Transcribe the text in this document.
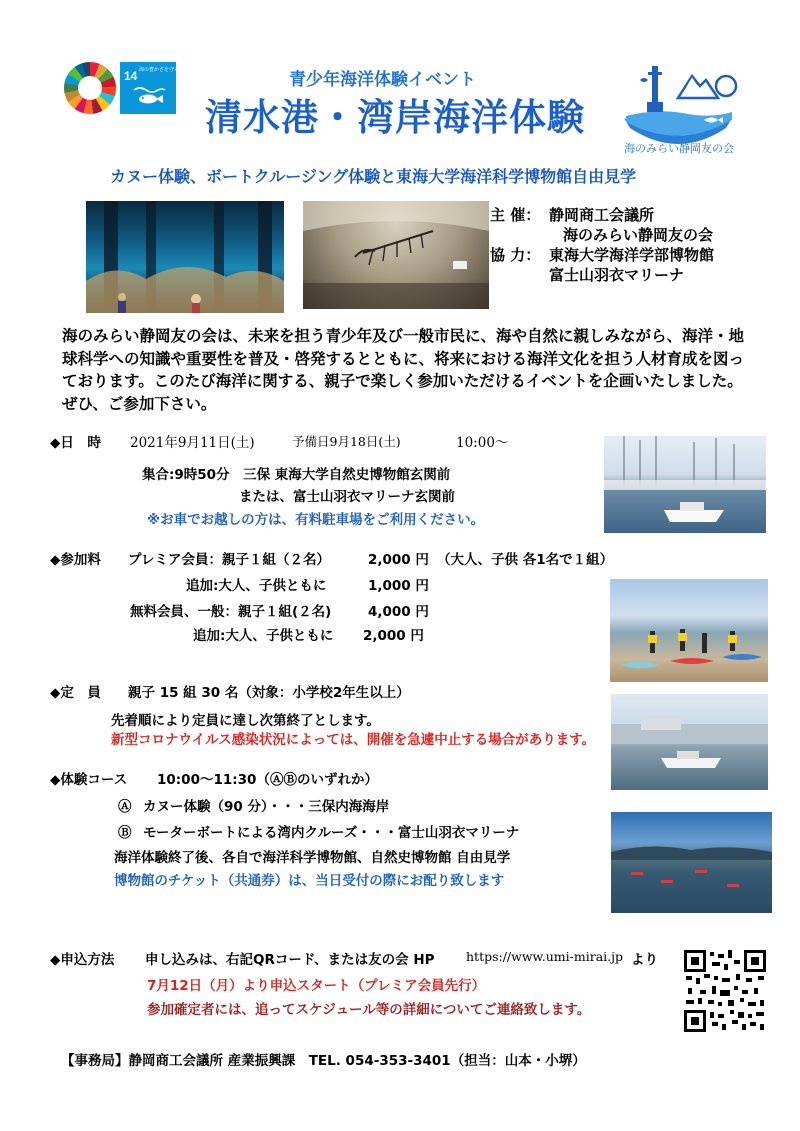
14 海の豊かさを守ろう	青少年海洋体験イベント
清水港・湾岸海洋体験
海のみらい静岡友の会
カヌー体験、ボートクルージング体験と東海大学海洋科学博物館自由見学
主 催： 静岡商工会議所
海のみらい静岡友の会
協 力： 東海大学海洋学部博物館
富士山羽衣マリーナ
海のみらい静岡友の会は、未来を担う青少年及び一般市民に、海や自然に親しみながら、海洋・地球科学への知識や重要性を普及・啓発するとともに、将来における海洋文化を担う人材育成を図っております。このたび海洋に関する、親子で楽しく参加いただけるイベントを企画いたしました。ぜひ、ご参加下さい。
◆日　時 2021年9月11日(土)	予備日9月18日(土)	10:00～
集合:9時50分　三保 東海大学自然史博物館玄関前
または、富士山羽衣マリーナ玄関前
※お車でお越しの方は、有料駐車場をご利用ください。
◆参加料 プレミア会員：親子１組（２名）	2,000 円 （大人、子供 各1名で１組）
追加:大人、子供ともに	1,000 円
無料会員、一般：親子１組(２名)	4,000 円
追加:大人、子供ともに 2,000 円
◆定　員 親子 15 組 30 名（対象：小学校2年生以上）
先着順により定員に達し次第終了とします。
新型コロナウイルス感染状況によっては、開催を急遽中止する場合があります。
◆体験コース 10:00～11:30（ⒶⒷのいずれか）
Ⓐ カヌー体験（90 分）・・・三保内海海岸
Ⓑ モーターボートによる湾内クルーズ・・・富士山羽衣マリーナ
海洋体験終了後、各自で海洋科学博物館、自然史博物館 自由見学
博物館のチケット（共通券）は、当日受付の際にお配り致します
◆申込方法 申し込みは、右記QRコード、または友の会 HP	https://www.umi-mirai.jp より
7月12日（月）より申込スタート（プレミア会員先行）
参加確定者には、追ってスケジュール等の詳細についてご連絡致します。
【事務局】静岡商工会議所 産業振興課　TEL. 054-353-3401（担当：山本・小堺）
